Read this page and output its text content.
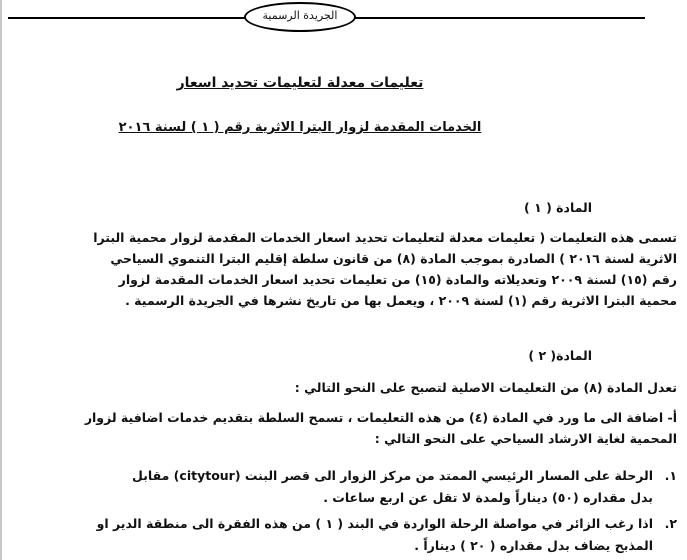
الجريدة الرسمية
تعليمات معدلة لتعليمات تحديد اسعار
الخدمات المقدمة لزوار البترا الاثرية رقم ( ١ ) لسنة ٢٠١٦
المادة ( ١ )
تسمى هذه التعليمات ( تعليمات معدلة لتعليمات تحديد اسعار الخدمات المقدمة لزوار محمية البترا
الاثرية لسنة ٢٠١٦ ) الصادرة بموجب المادة (٨) من قانون سلطة إقليم البترا التنموي السياحي
رقم (١٥) لسنة ٢٠٠٩ وتعديلاته والمادة (١٥) من تعليمات تحديد اسعار الخدمات المقدمة لزوار
محمية البترا الاثرية رقم (١) لسنة ٢٠٠٩ ، ويعمل بها من تاريخ نشرها في الجريدة الرسمية .
المادة( ٢ )
تعدل المادة (٨) من التعليمات الاصلية لتصبح على النحو التالي :
أ- اضافة الى ما ورد في المادة (٤) من هذه التعليمات ، تسمح السلطة بتقديم خدمات اضافية لزوار
المحمية لغاية الارشاد السياحي على النحو التالي :
١.
الرحلة على المسار الرئيسي الممتد من مركز الزوار الى قصر البنت (citytour) مقابل
بدل مقداره (٥٠) ديناراً ولمدة لا تقل عن اربع ساعات .
٢.
اذا رغب الزائر في مواصلة الرحلة الواردة في البند ( ١ ) من هذه الفقرة الى منطقة الدير او
المذبح يضاف بدل مقداره ( ٢٠ ) ديناراً .
